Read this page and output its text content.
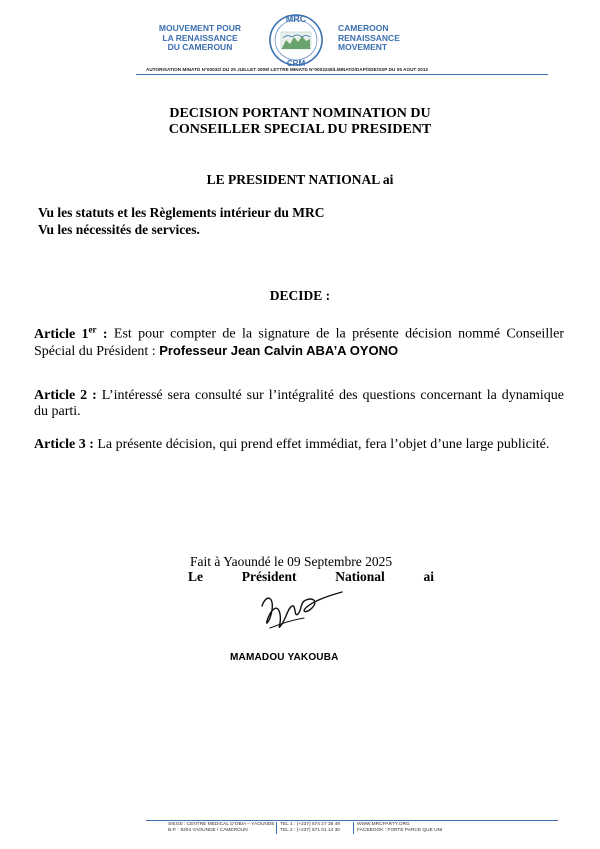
MOUVEMENT POUR
LA RENAISSANCE
DU CAMEROUN
MRC
CRM
CAMEROON
RENAISSANCE
MOVEMENT
AUTORISATION MINATD N°00032/ DU 25 JUILLET 2008/ LETTRE MINATD N°0003249/LMINATD/DAP/SDE/SSP DU 05 AOUT 2012
DECISION PORTANT NOMINATION DU
CONSEILLER SPECIAL DU PRESIDENT
LE PRESIDENT NATIONAL ai
Vu les statuts et les Règlements intérieur du MRC
Vu les nécessités de services.
DECIDE :
Article 1er : Est pour compter de la signature de la présente décision nommé Conseiller Spécial du Président : Professeur Jean Calvin ABA’A OYONO
Article 2 : L’intéressé sera consulté sur l’intégralité des questions concernant la dynamique du parti.
Article 3 : La présente décision, qui prend effet immédiat, fera l’objet d’une large publicité.
Fait à Yaoundé le 09 Septembre 2025
Le Président National ai
MAMADOU YAKOUBA
SIEGE : CENTRE MEDICAL D’OBIA – YAOUNDE
B.P. : 8204 YAOUNDE / CAMEROUN
TEL 1 : (+237) 674 27 35 49
TEL 2 : (+237) 671 01 14 30
WWW.MRCPARTY.ORG
FACEBOOK : FORTE PARCE QUE UNI
